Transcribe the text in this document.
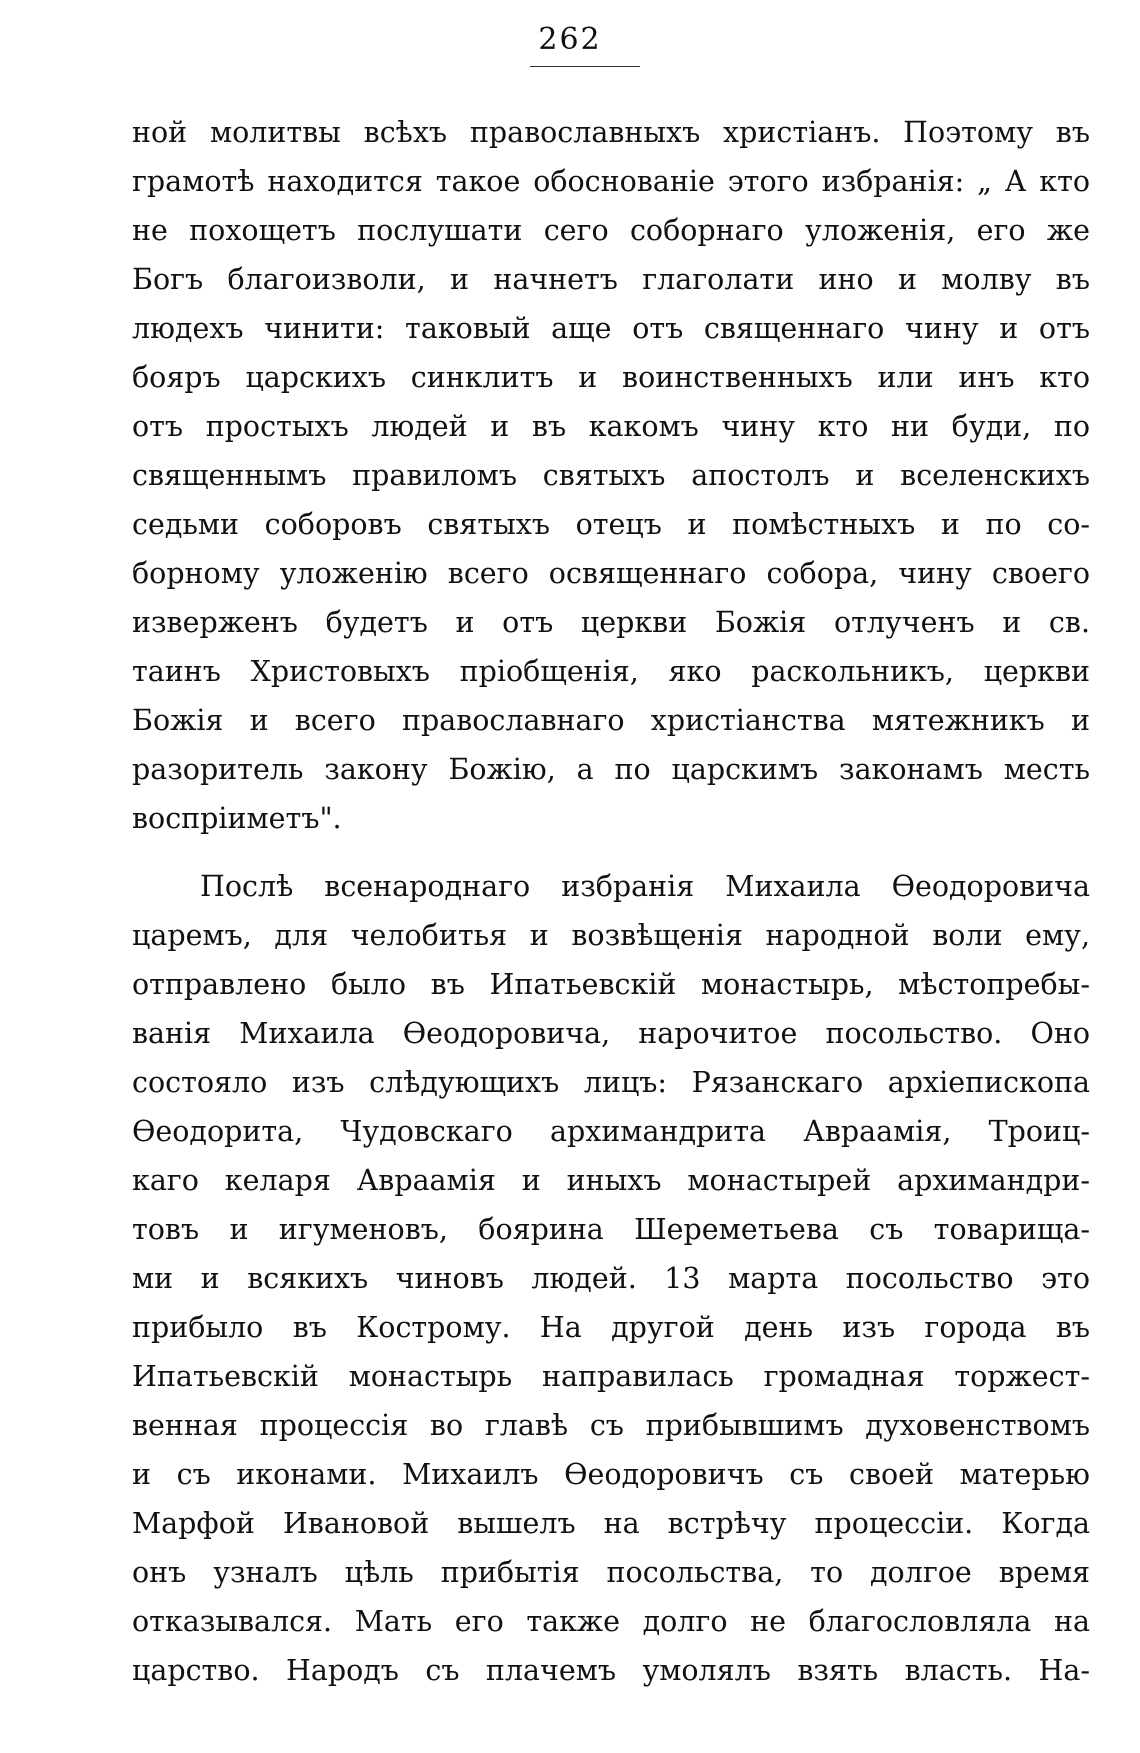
262
ной молитвы всѣхъ православныхъ христіанъ. Поэтому въ
грамотѣ находится такое обоснованіе этого избранія: „ А кто
не похощетъ послушати сего соборнаго уложенія, его же
Богъ благоизволи, и начнетъ глаголати ино и молву въ
людехъ чинити: таковый аще отъ священнаго чину и отъ
бояръ царскихъ синклитъ и воинственныхъ или инъ кто
отъ простыхъ людей и въ какомъ чину кто ни буди, по
священнымъ правиломъ святыхъ апостолъ и вселенскихъ
седьми соборовъ святыхъ отецъ и помѣстныхъ и по со-
борному уложенію всего освященнаго собора, чину своего
изверженъ будетъ и отъ церкви Божія отлученъ и св.
таинъ Христовыхъ пріобщенія, яко раскольникъ, церкви
Божія и всего православнаго христіанства мятежникъ и
разоритель закону Божію, а по царскимъ законамъ месть
воспріиметъ".
Послѣ всенароднаго избранія Михаила Өеодоровича
царемъ, для челобитья и возвѣщенія народной воли ему,
отправлено было въ Ипатьевскій монастырь, мѣстопребы-
ванія Михаила Өеодоровича, нарочитое посольство. Оно
состояло изъ слѣдующихъ лицъ: Рязанскаго архіепископа
Өеодорита, Чудовскаго архимандрита Авраамія, Троиц-
каго келаря Авраамія и иныхъ монастырей архимандри-
товъ и игуменовъ, боярина Шереметьева съ товарища-
ми и всякихъ чиновъ людей. 13 марта посольство это
прибыло въ Кострому. На другой день изъ города въ
Ипатьевскій монастырь направилась громадная торжест-
венная процессія во главѣ съ прибывшимъ духовенствомъ
и съ иконами. Михаилъ Өеодоровичъ съ своей матерью
Марфой Ивановой вышелъ на встрѣчу процессіи. Когда
онъ узналъ цѣль прибытія посольства, то долгое время
отказывался. Мать его также долго не благословляла на
царство. Народъ съ плачемъ умолялъ взять власть. На-
